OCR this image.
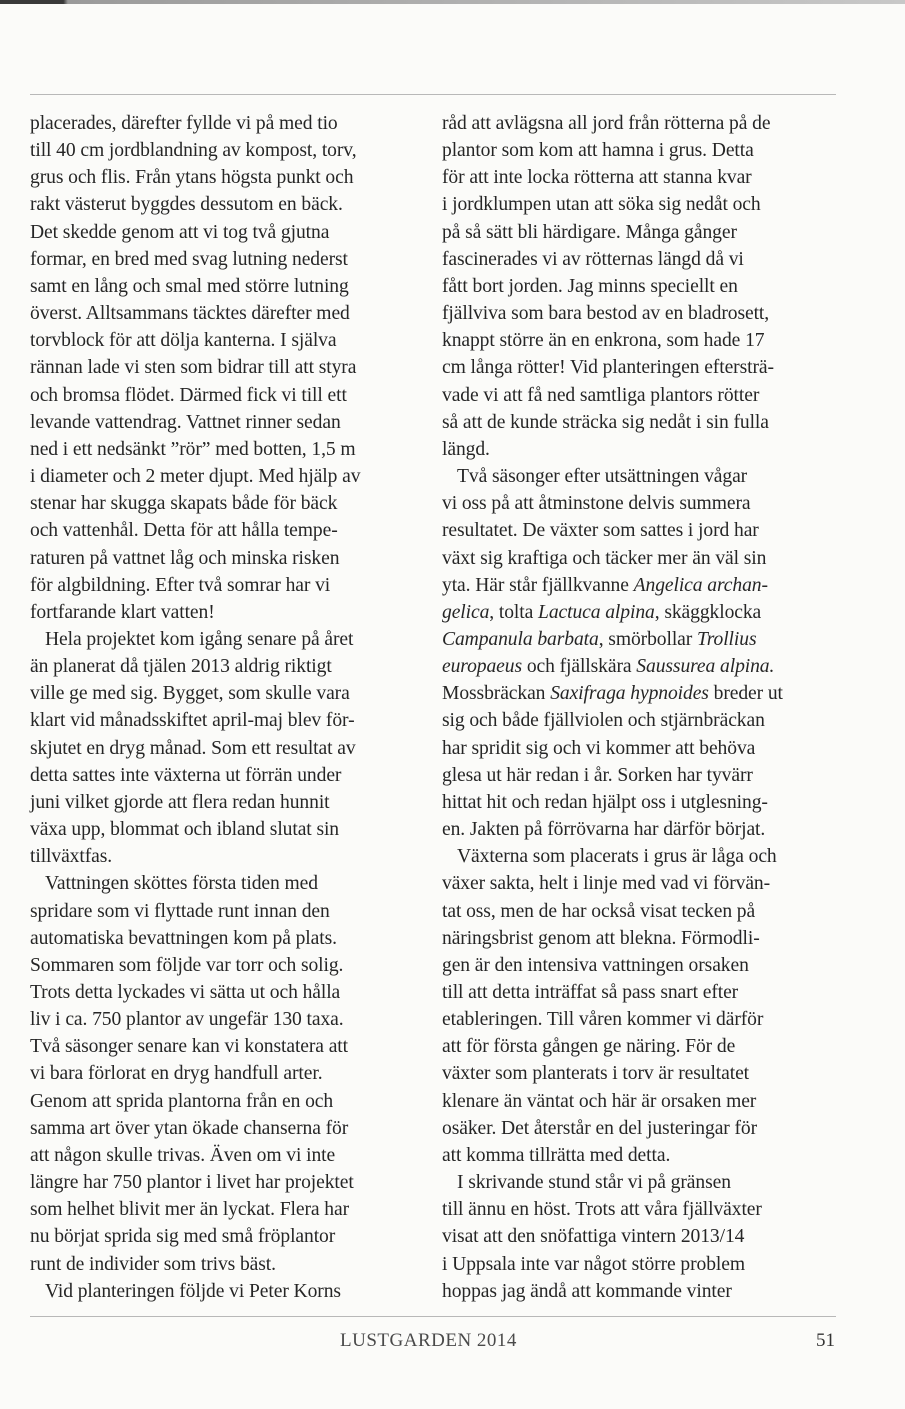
placerades, därefter fyllde vi på med tio
till 40 cm jordblandning av kompost, torv,
grus och flis. Från ytans högsta punkt och
rakt västerut byggdes dessutom en bäck.
Det skedde genom att vi tog två gjutna
formar, en bred med svag lutning nederst
samt en lång och smal med större lutning
överst. Alltsammans täcktes därefter med
torvblock för att dölja kanterna. I själva
rännan lade vi sten som bidrar till att styra
och bromsa flödet. Därmed fick vi till ett
levande vattendrag. Vattnet rinner sedan
ned i ett nedsänkt ”rör” med botten, 1,5 m
i diameter och 2 meter djupt. Med hjälp av
stenar har skugga skapats både för bäck
och vattenhål. Detta för att hålla tempe-
raturen på vattnet låg och minska risken
för algbildning. Efter två somrar har vi
fortfarande klart vatten!
Hela projektet kom igång senare på året
än planerat då tjälen 2013 aldrig riktigt
ville ge med sig. Bygget, som skulle vara
klart vid månadsskiftet april-maj blev för-
skjutet en dryg månad. Som ett resultat av
detta sattes inte växterna ut förrän under
juni vilket gjorde att flera redan hunnit
växa upp, blommat och ibland slutat sin
tillväxtfas.
Vattningen sköttes första tiden med
spridare som vi flyttade runt innan den
automatiska bevattningen kom på plats.
Sommaren som följde var torr och solig.
Trots detta lyckades vi sätta ut och hålla
liv i ca. 750 plantor av ungefär 130 taxa.
Två säsonger senare kan vi konstatera att
vi bara förlorat en dryg handfull arter.
Genom att sprida plantorna från en och
samma art över ytan ökade chanserna för
att någon skulle trivas. Även om vi inte
längre har 750 plantor i livet har projektet
som helhet blivit mer än lyckat. Flera har
nu börjat sprida sig med små fröplantor
runt de individer som trivs bäst.
Vid planteringen följde vi Peter Korns
råd att avlägsna all jord från rötterna på de
plantor som kom att hamna i grus. Detta
för att inte locka rötterna att stanna kvar
i jordklumpen utan att söka sig nedåt och
på så sätt bli härdigare. Många gånger
fascinerades vi av rötternas längd då vi
fått bort jorden. Jag minns speciellt en
fjällviva som bara bestod av en bladrosett,
knappt större än en enkrona, som hade 17
cm långa rötter! Vid planteringen eftersträ-
vade vi att få ned samtliga plantors rötter
så att de kunde sträcka sig nedåt i sin fulla
längd.
Två säsonger efter utsättningen vågar
vi oss på att åtminstone delvis summera
resultatet. De växter som sattes i jord har
växt sig kraftiga och täcker mer än väl sin
yta. Här står fjällkvanne Angelica archan-
gelica, tolta Lactuca alpina, skäggklocka
Campanula barbata, smörbollar Trollius
europaeus och fjällskära Saussurea alpina.
Mossbräckan Saxifraga hypnoides breder ut
sig och både fjällviolen och stjärnbräckan
har spridit sig och vi kommer att behöva
glesa ut här redan i år. Sorken har tyvärr
hittat hit och redan hjälpt oss i utglesning-
en. Jakten på förrövarna har därför börjat.
Växterna som placerats i grus är låga och
växer sakta, helt i linje med vad vi förvän-
tat oss, men de har också visat tecken på
näringsbrist genom att blekna. Förmodli-
gen är den intensiva vattningen orsaken
till att detta inträffat så pass snart efter
etableringen. Till våren kommer vi därför
att för första gången ge näring. För de
växter som planterats i torv är resultatet
klenare än väntat och här är orsaken mer
osäker. Det återstår en del justeringar för
att komma tillrätta med detta.
I skrivande stund står vi på gränsen
till ännu en höst. Trots att våra fjällväxter
visat att den snöfattiga vintern 2013/14
i Uppsala inte var något större problem
hoppas jag ändå att kommande vinter
LUSTGARDEN 2014	51
